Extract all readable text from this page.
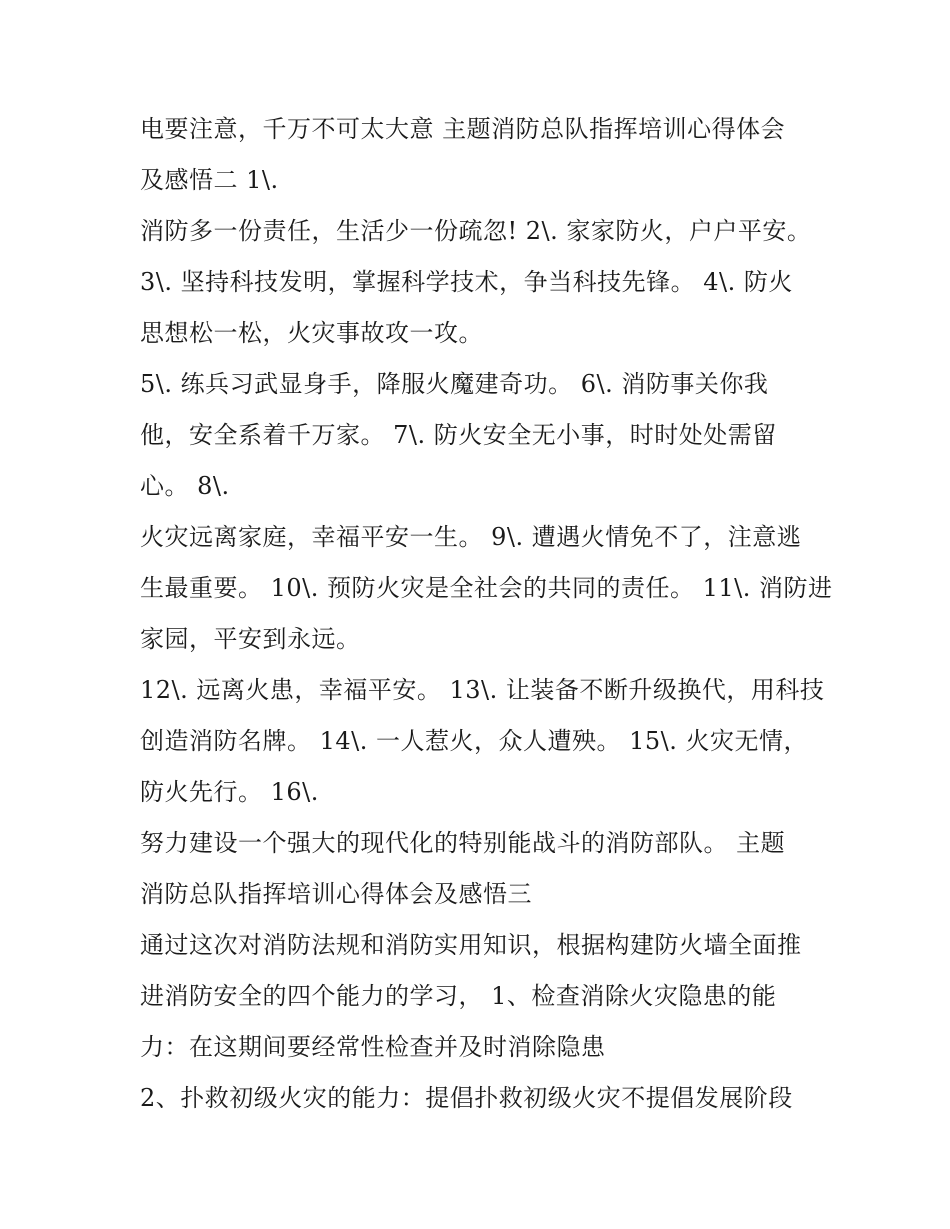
电要注意，千万不可太大意 主题消防总队指挥培训心得体会
及感悟二 1\.
消防多一份责任，生活少一份疏忽! 2\. 家家防火，户户平安。
3\. 坚持科技发明，掌握科学技术，争当科技先锋。 4\. 防火
思想松一松，火灾事故攻一攻。
5\. 练兵习武显身手，降服火魔建奇功。 6\. 消防事关你我
他，安全系着千万家。 7\. 防火安全无小事，时时处处需留
心。 8\.
火灾远离家庭，幸福平安一生。 9\. 遭遇火情免不了，注意逃
生最重要。 10\. 预防火灾是全社会的共同的责任。 11\. 消防进
家园，平安到永远。
12\. 远离火患，幸福平安。 13\. 让装备不断升级换代，用科技
创造消防名牌。 14\. 一人惹火，众人遭殃。 15\. 火灾无情，
防火先行。 16\.
努力建设一个强大的现代化的特别能战斗的消防部队。 主题
消防总队指挥培训心得体会及感悟三
通过这次对消防法规和消防实用知识，根据构建防火墙全面推
进消防安全的四个能力的学习， 1、检查消除火灾隐患的能
力：在这期间要经常性检查并及时消除隐患
2、扑救初级火灾的能力：提倡扑救初级火灾不提倡发展阶段
